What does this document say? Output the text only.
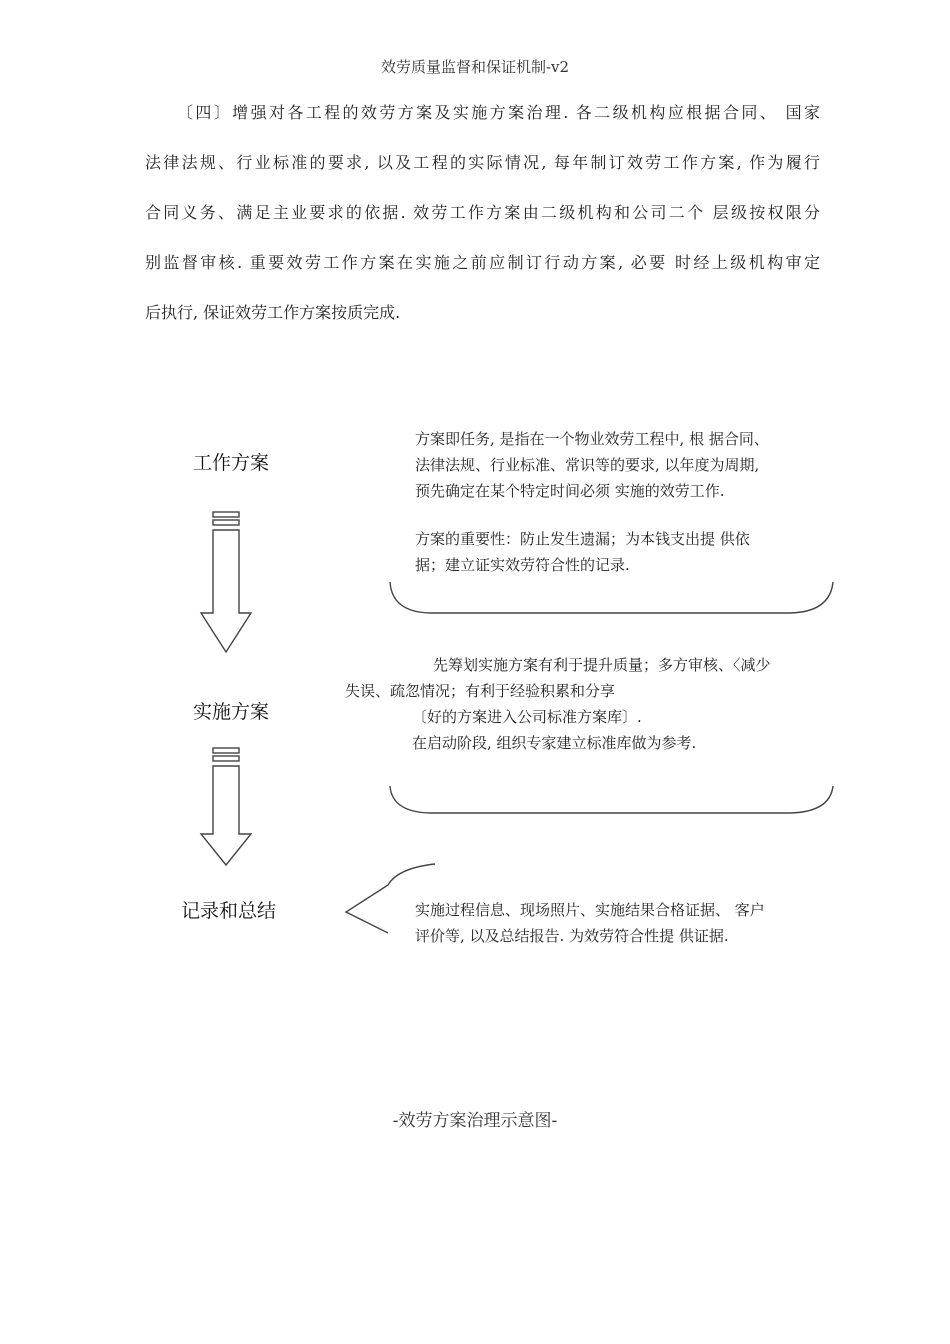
效劳质量监督和保证机制-v2
〔四〕增强对各工程的效劳方案及实施方案治理. 各二级机构应根据合同、 国家
法律法规、行业标准的要求, 以及工程的实际情况, 每年制订效劳工作方案, 作为履行
合同义务、满足主业要求的依据. 效劳工作方案由二级机构和公司二个 层级按权限分
别监督审核. 重要效劳工作方案在实施之前应制订行动方案, 必要 时经上级机构审定
后执行, 保证效劳工作方案按质完成.
工作方案
实施方案
记录和总结
方案即任务, 是指在一个物业效劳工程中, 根 据合同、
法律法规、行业标准、常识等的要求, 以年度为周期,
预先确定在某个特定时间必须 实施的效劳工作.
方案的重要性：防止发生遗漏；为本钱支出提 供依
据；建立证实效劳符合性的记录.
先筹划实施方案有利于提升质量；多方审核、〈减少
失误、疏忽情况；有利于经验积累和分享
〔好的方案进入公司标准方案库〕.
在启动阶段, 组织专家建立标准库做为参考.
实施过程信息、现场照片、实施结果合格证据、 客户
评价等, 以及总结报告. 为效劳符合性提 供证据.
-效劳方案治理示意图-
